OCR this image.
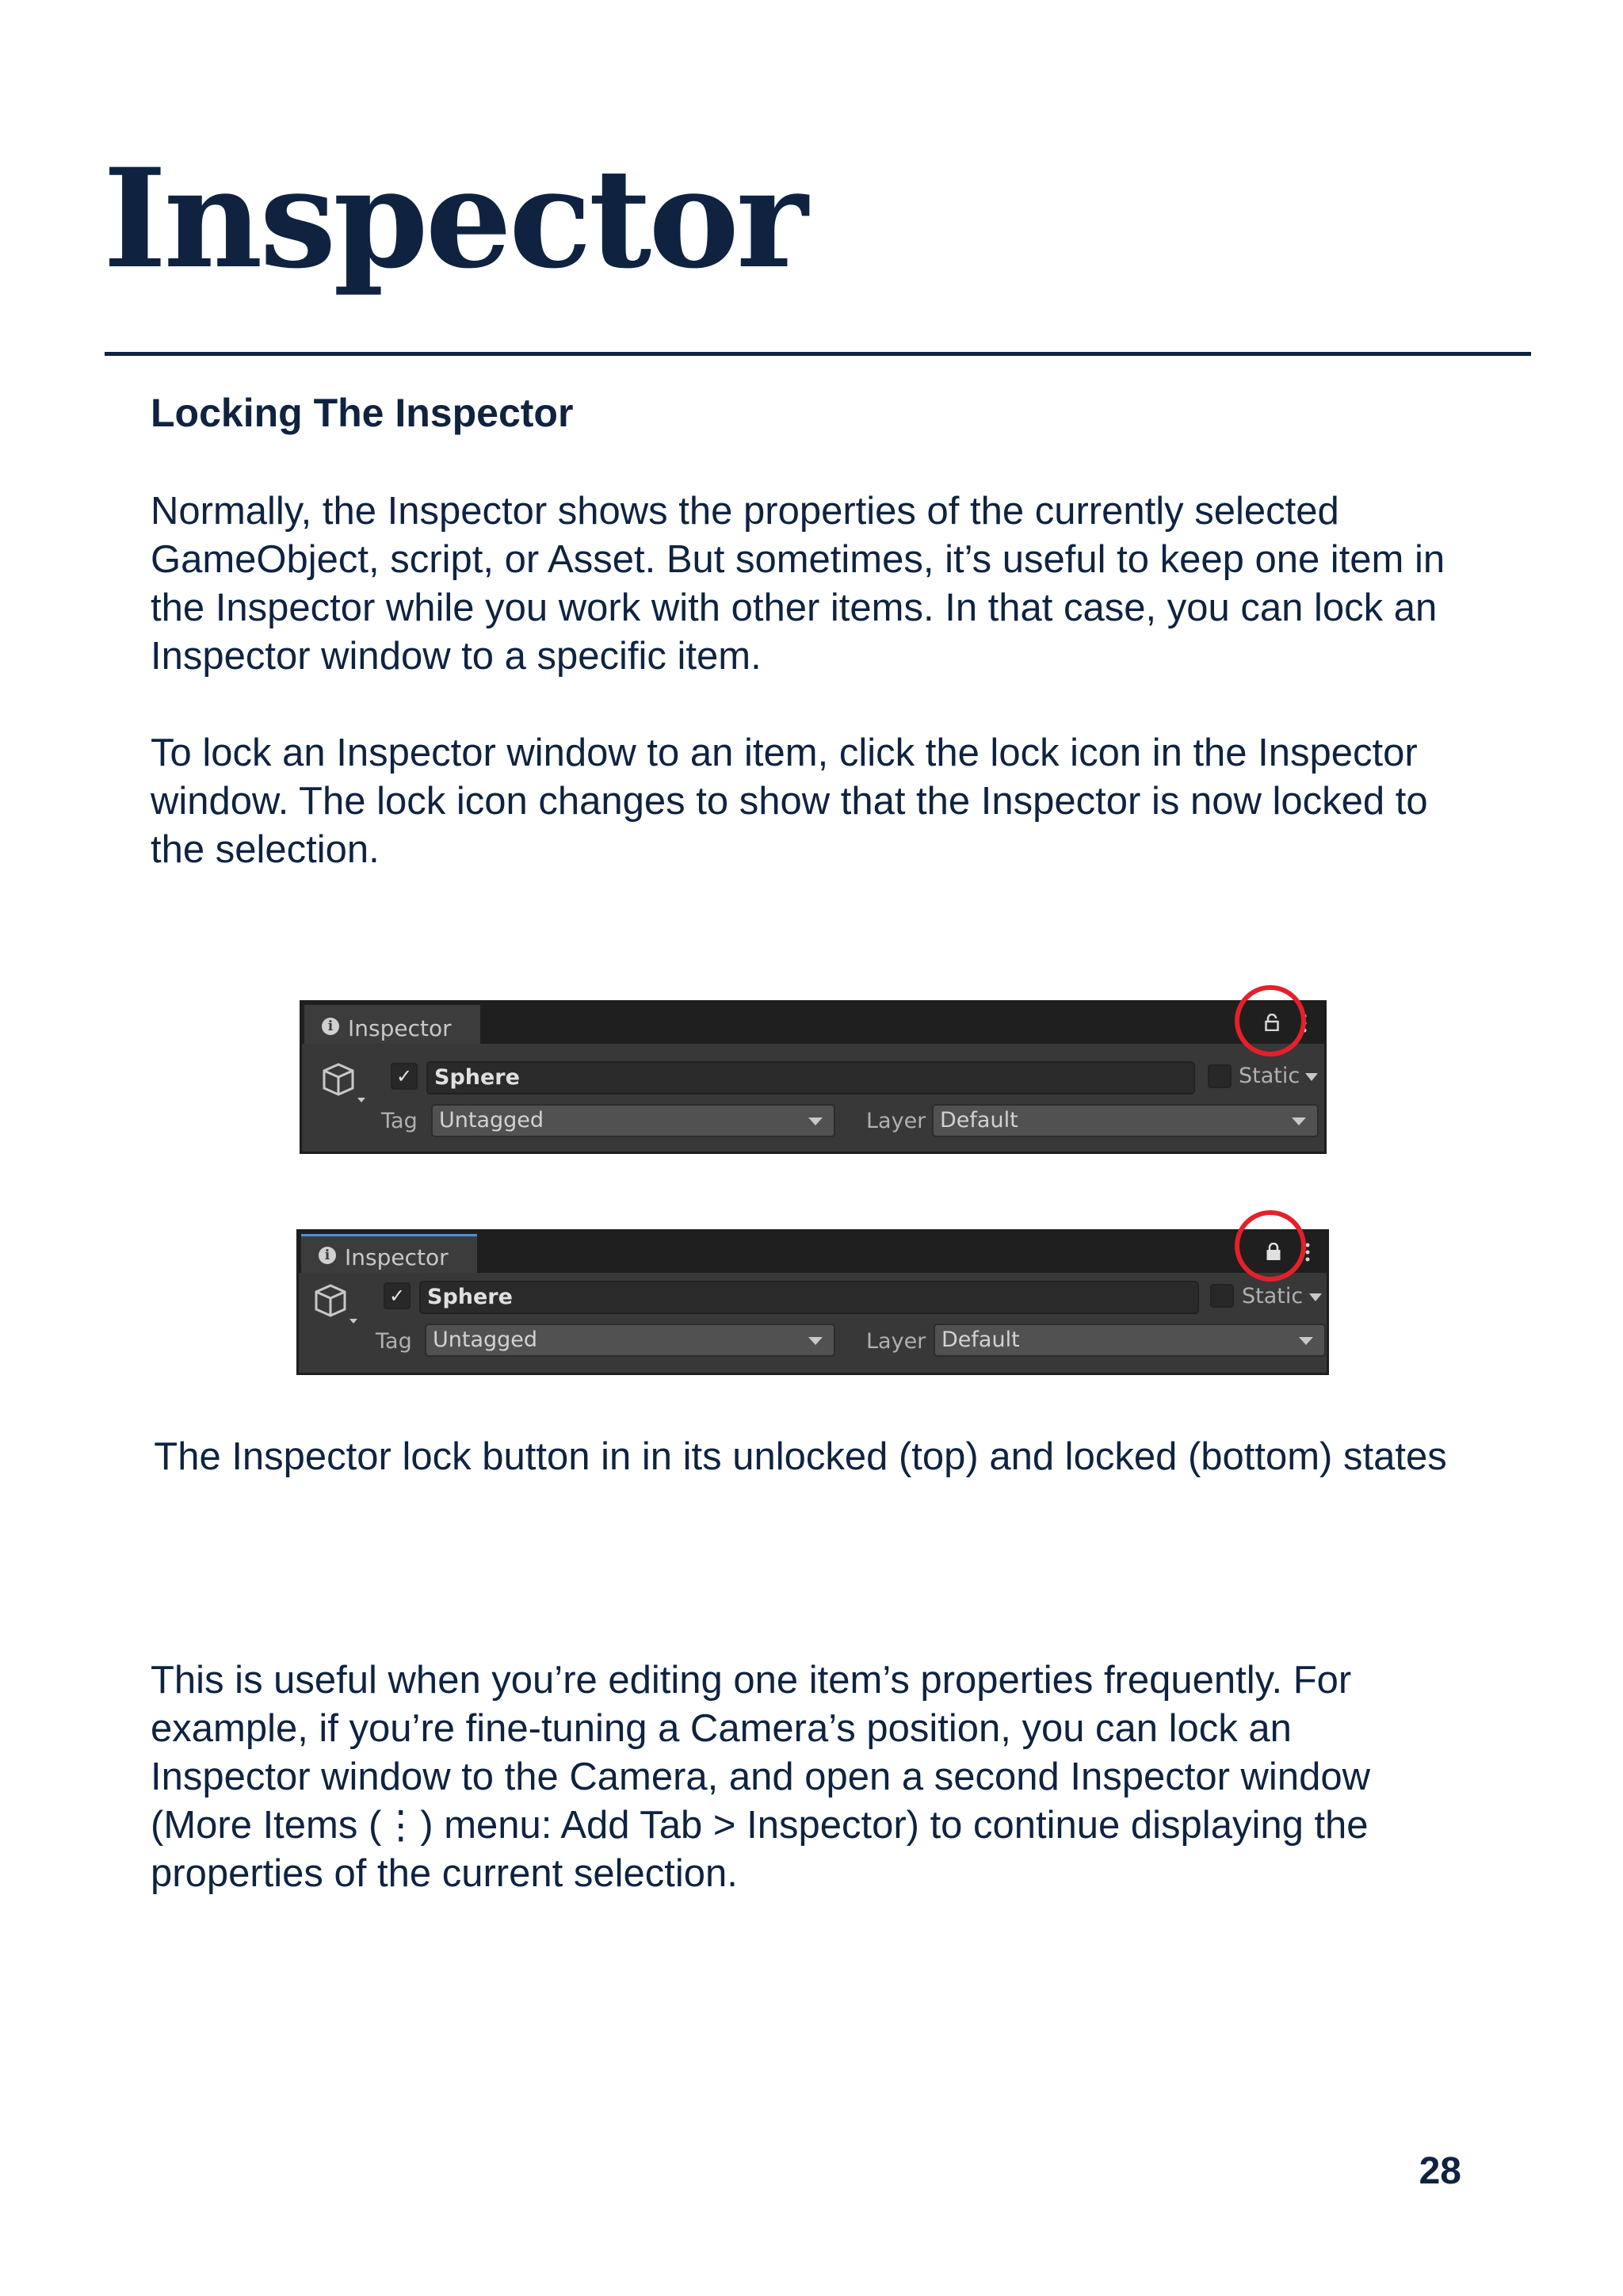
Inspector
Locking The Inspector

Normally, the Inspector shows the properties of the currently selected GameObject, script, or Asset. But sometimes, it’s useful to keep one item in the Inspector while you work with other items. In that case, you can lock an Inspector window to a specific item.

To lock an Inspector window to an item, click the lock icon in the Inspector window. The lock icon changes to show that the Inspector is now locked to the selection.

i Inspector
✓	Sphere	Static
Tag	Untagged	Layer Default
i Inspector
✓	Sphere	Static
Tag Untagged	Layer Default

The Inspector lock button in in its unlocked (top) and locked (bottom) states

This is useful when you’re editing one item’s properties frequently. For example, if you’re fine-tuning a Camera’s position, you can lock an Inspector window to the Camera, and open a second Inspector window (More Items (⋮) menu: Add Tab > Inspector) to continue displaying the properties of the current selection.

28
